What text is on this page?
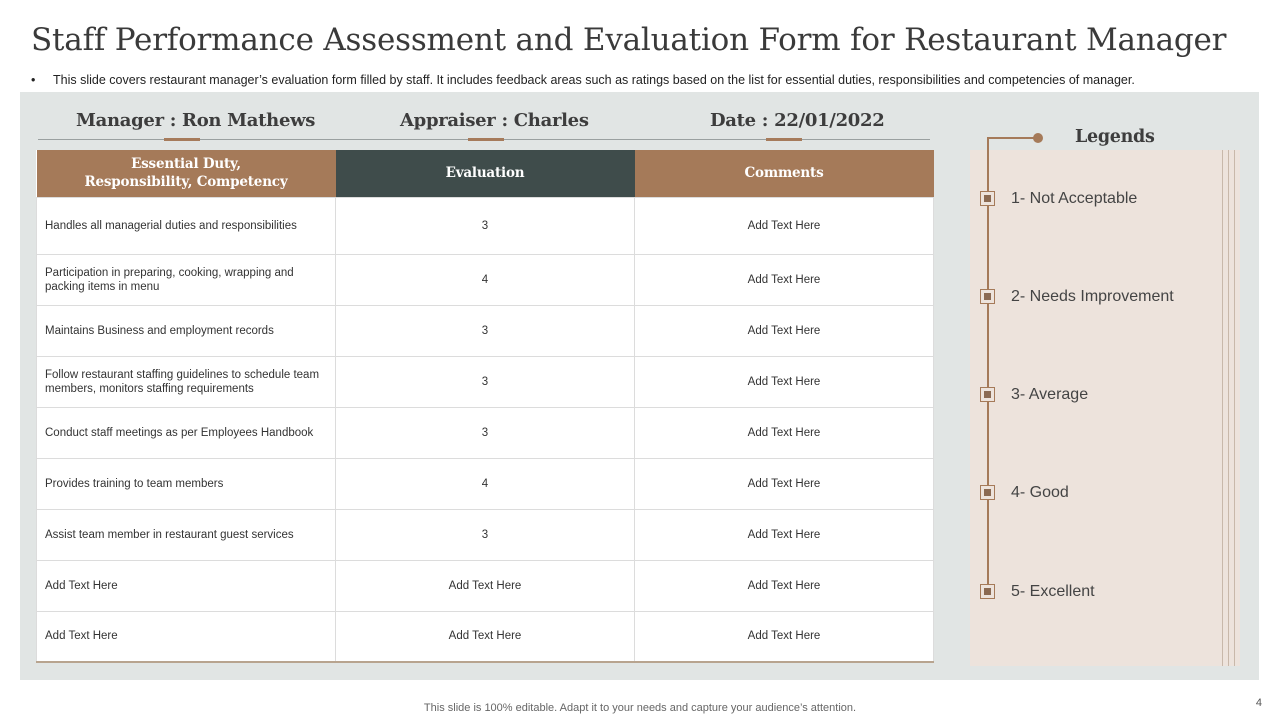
Staff Performance Assessment and Evaluation Form for Restaurant Manager
• This slide covers restaurant manager’s evaluation form filled by staff. It includes feedback areas such as ratings based on the list for essential duties, responsibilities and competencies of manager.
Manager : Ron Mathews	Appraiser : Charles	Date : 22/01/2022
Essential Duty,
Responsibility, Competency	Evaluation	Comments
Handles all managerial duties and responsibilities	3	Add Text Here
Participation in preparing, cooking, wrapping and packing items in menu	4	Add Text Here
Maintains Business and employment records	3	Add Text Here
Follow restaurant staffing guidelines to schedule team members, monitors staffing requirements	3	Add Text Here
Conduct staff meetings as per Employees Handbook	3	Add Text Here
Provides training to team members	4	Add Text Here
Assist team member in restaurant guest services	3	Add Text Here
Add Text Here	Add Text Here	Add Text Here
Add Text Here	Add Text Here	Add Text Here
Legends
1- Not Acceptable
2- Needs Improvement
3- Average
4- Good
5- Excellent
This slide is 100% editable. Adapt it to your needs and capture your audience’s attention.	4
